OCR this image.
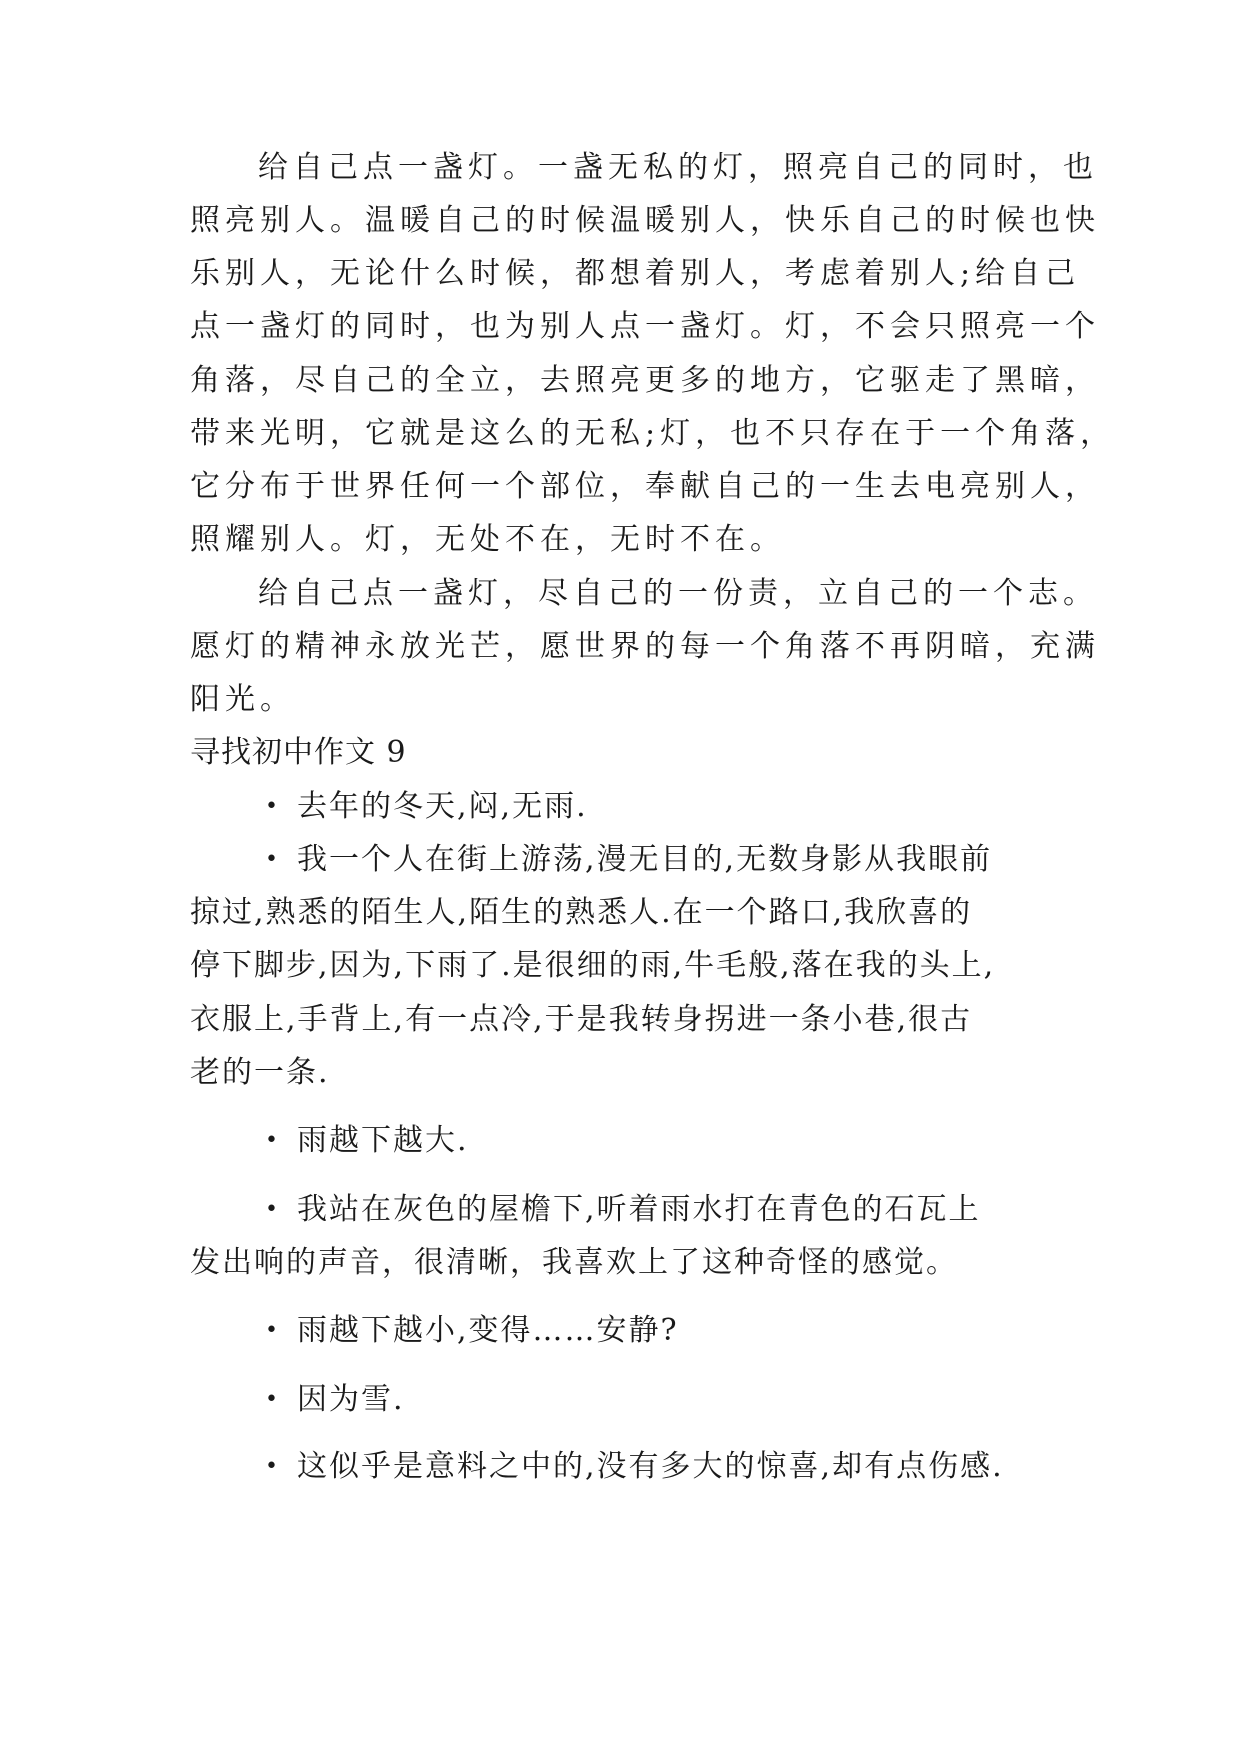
给自己点一盏灯。一盏无私的灯，照亮自己的同时，也
照亮别人。温暖自己的时候温暖别人，快乐自己的时候也快
乐别人，无论什么时候，都想着别人，考虑着别人;给自己
点一盏灯的同时，也为别人点一盏灯。灯，不会只照亮一个
角落，尽自己的全立，去照亮更多的地方，它驱走了黑暗，
带来光明，它就是这么的无私;灯，也不只存在于一个角落，
它分布于世界任何一个部位，奉献自己的一生去电亮别人，
照耀别人。灯，无处不在，无时不在。
给自己点一盏灯，尽自己的一份责，立自己的一个志。
愿灯的精神永放光芒，愿世界的每一个角落不再阴暗，充满
阳光。
寻找初中作文 9
• 去年的冬天,闷,无雨.
• 我一个人在街上游荡,漫无目的,无数身影从我眼前
掠过,熟悉的陌生人,陌生的熟悉人.在一个路口,我欣喜的
停下脚步,因为,下雨了.是很细的雨,牛毛般,落在我的头上,
衣服上,手背上,有一点冷,于是我转身拐进一条小巷,很古
老的一条.
• 雨越下越大.
• 我站在灰色的屋檐下,听着雨水打在青色的石瓦上
发出响的声音，很清晰，我喜欢上了这种奇怪的感觉。
• 雨越下越小,变得……安静?
• 因为雪.
• 这似乎是意料之中的,没有多大的惊喜,却有点伤感.
